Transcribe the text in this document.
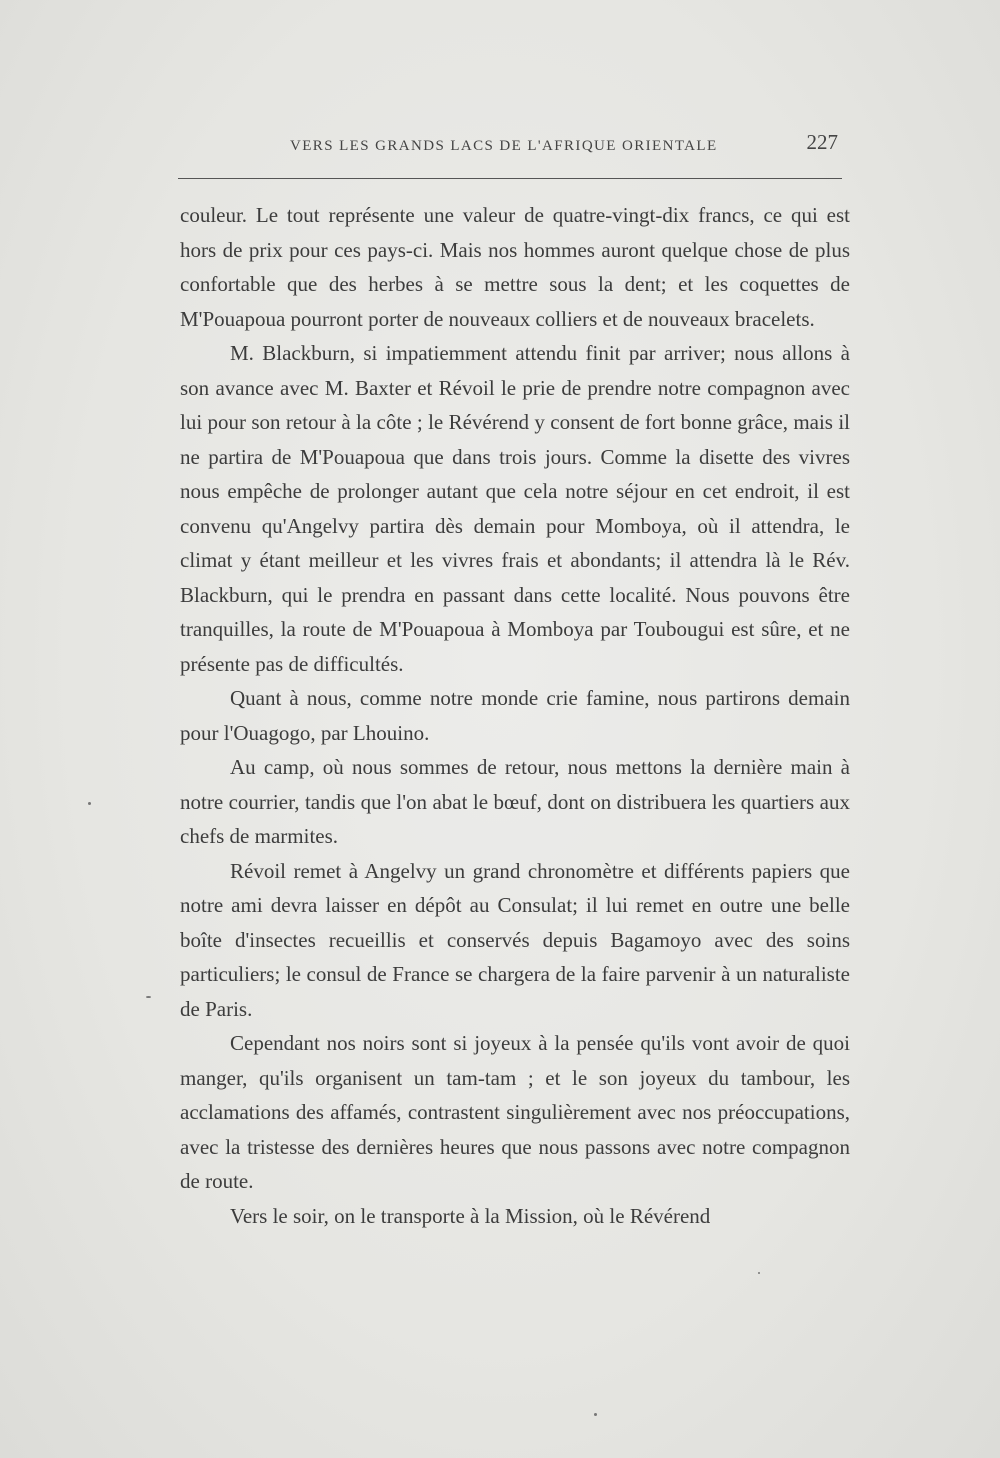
VERS LES GRANDS LACS DE L'AFRIQUE ORIENTALE	227

couleur. Le tout représente une valeur de quatre-vingt-dix francs, ce qui est hors de prix pour ces pays-ci. Mais nos hommes auront quelque chose de plus confortable que des herbes à se mettre sous la dent; et les coquettes de M'Pouapoua pourront porter de nouveaux colliers et de nouveaux bracelets.

M. Blackburn, si impatiemment attendu finit par arriver; nous allons à son avance avec M. Baxter et Révoil le prie de prendre notre compagnon avec lui pour son retour à la côte ; le Révérend y consent de fort bonne grâce, mais il ne partira de M'Pouapoua que dans trois jours. Comme la disette des vivres nous empêche de prolonger autant que cela notre séjour en cet endroit, il est convenu qu'Angelvy partira dès demain pour Momboya, où il attendra, le climat y étant meilleur et les vivres frais et abondants; il attendra là le Rév. Blackburn, qui le prendra en passant dans cette localité. Nous pouvons être tranquilles, la route de M'Pouapoua à Momboya par Toubougui est sûre, et ne présente pas de difficultés.

Quant à nous, comme notre monde crie famine, nous partirons demain pour l'Ouagogo, par Lhouino.

Au camp, où nous sommes de retour, nous mettons la dernière main à notre courrier, tandis que l'on abat le bœuf, dont on distribuera les quartiers aux chefs de marmites.

Révoil remet à Angelvy un grand chronomètre et différents papiers que notre ami devra laisser en dépôt au Consulat; il lui remet en outre une belle boîte d'insectes recueillis et conservés depuis Bagamoyo avec des soins particuliers; le consul de France se chargera de la faire parvenir à un naturaliste de Paris.

Cependant nos noirs sont si joyeux à la pensée qu'ils vont avoir de quoi manger, qu'ils organisent un tam-tam ; et le son joyeux du tambour, les acclamations des affamés, contrastent singulièrement avec nos préoccupations, avec la tristesse des dernières heures que nous passons avec notre compagnon de route.

Vers le soir, on le transporte à la Mission, où le Révérend
